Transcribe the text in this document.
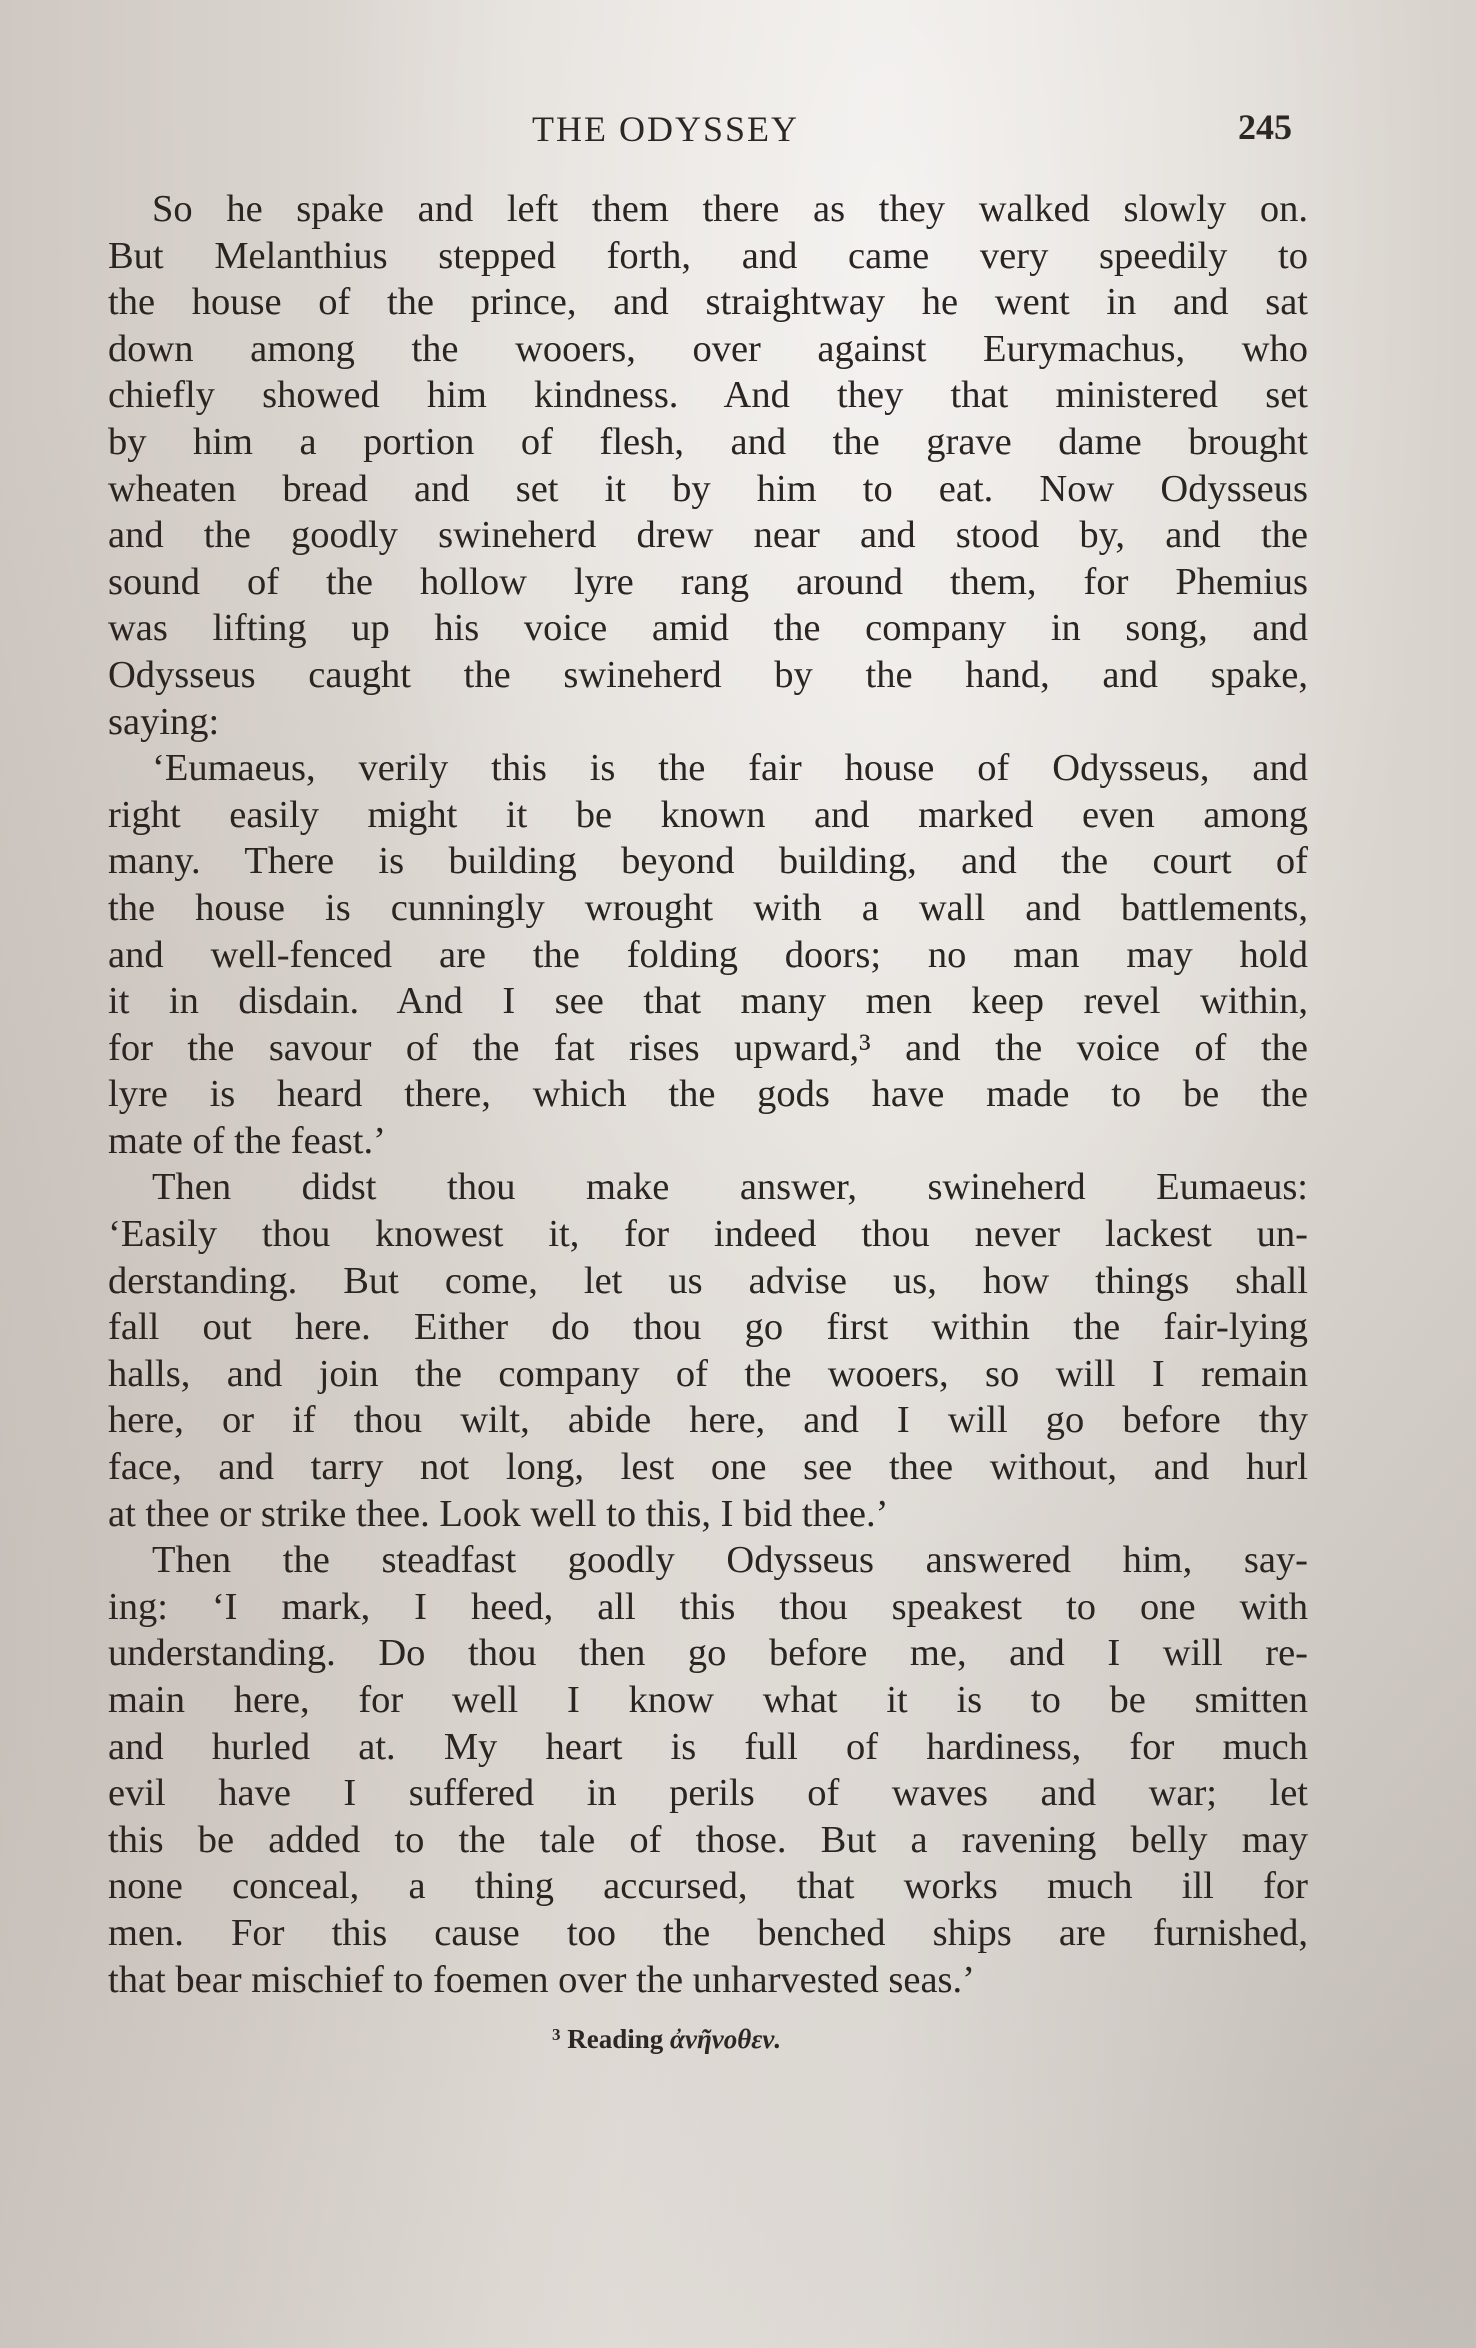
THE ODYSSEY	245
So he spake and left them there as they walked slowly on.
But Melanthius stepped forth, and came very speedily to
the house of the prince, and straightway he went in and sat
down among the wooers, over against Eurymachus, who
chiefly showed him kindness. And they that ministered set
by him a portion of flesh, and the grave dame brought
wheaten bread and set it by him to eat. Now Odysseus
and the goodly swineherd drew near and stood by, and the
sound of the hollow lyre rang around them, for Phemius
was lifting up his voice amid the company in song, and
Odysseus caught the swineherd by the hand, and spake,
saying:
‘Eumaeus, verily this is the fair house of Odysseus, and
right easily might it be known and marked even among
many. There is building beyond building, and the court of
the house is cunningly wrought with a wall and battlements,
and well-fenced are the folding doors; no man may hold
it in disdain. And I see that many men keep revel within,
for the savour of the fat rises upward,³ and the voice of the
lyre is heard there, which the gods have made to be the
mate of the feast.’
Then didst thou make answer, swineherd Eumaeus:
‘Easily thou knowest it, for indeed thou never lackest un-
derstanding. But come, let us advise us, how things shall
fall out here. Either do thou go first within the fair-lying
halls, and join the company of the wooers, so will I remain
here, or if thou wilt, abide here, and I will go before thy
face, and tarry not long, lest one see thee without, and hurl
at thee or strike thee. Look well to this, I bid thee.’
Then the steadfast goodly Odysseus answered him, say-
ing: ‘I mark, I heed, all this thou speakest to one with
understanding. Do thou then go before me, and I will re-
main here, for well I know what it is to be smitten
and hurled at. My heart is full of hardiness, for much
evil have I suffered in perils of waves and war; let
this be added to the tale of those. But a ravening belly may
none conceal, a thing accursed, that works much ill for
men. For this cause too the benched ships are furnished,
that bear mischief to foemen over the unharvested seas.’
$^3$ Reading ἀνῆνοθεν.
